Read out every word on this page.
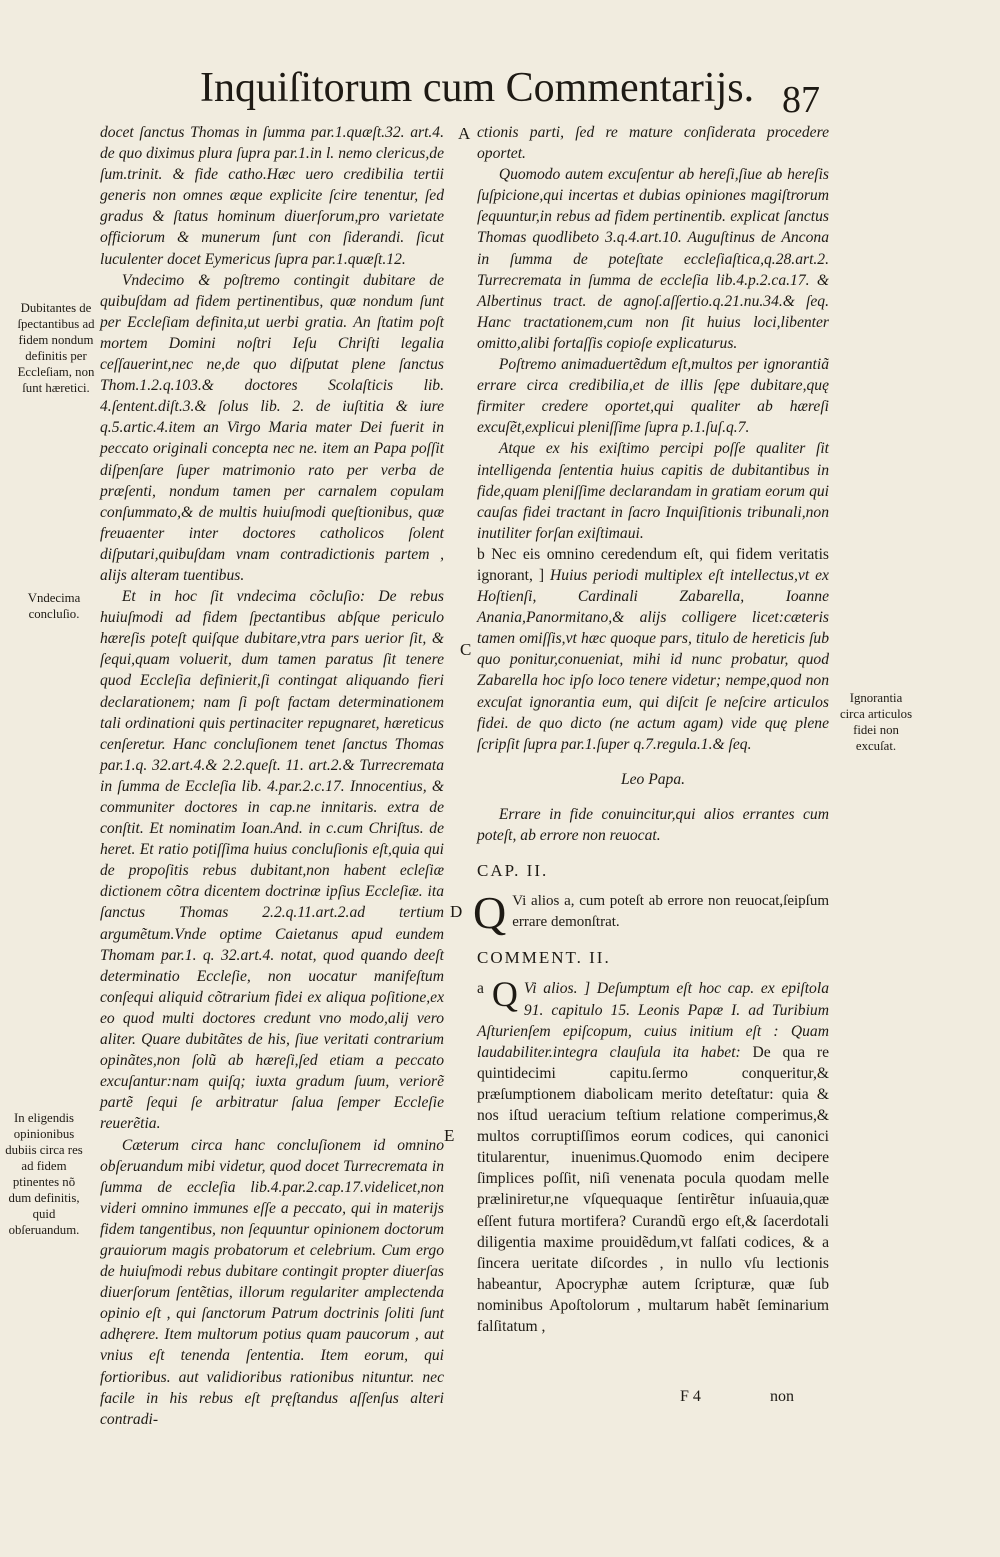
Inquiſitorum cum Commentarijs. 87
Dubitantes de ſpectantibus ad fidem nondum definitis per Eccleſiam, non ſunt hæretici.
Vndecima concluſio.
In eligendis opinionibus dubiis circa res ad fidem ptinentes nõ dum definitis, quid obſeruandum.
Ignorantia circa articulos fidei non excuſat.
A
C
D
E

docet ſanctus Thomas in ſumma par.1.quæſt.32. art.4. de quo diximus plura ſupra par.1.in l. nemo clericus,de ſum.trinit. & fide catho.Hæc uero credibilia tertii generis non omnes æque explicite ſcire tenentur, ſed gradus & ſtatus hominum diuerſorum,pro varietate officiorum & munerum ſunt con ſiderandi. ſicut luculenter docet Eymericus ſupra par.1.quæſt.12.

Vndecimo & poſtremo contingit dubitare de quibuſdam ad fidem pertinentibus, quæ nondum ſunt per Eccleſiam definita,ut uerbi gratia. An ſtatim poſt mortem Domini noſtri Ieſu Chriſti legalia ceſſauerint,nec ne,de quo diſputat plene ſanctus Thom.1.2.q.103.& doctores Scolaſticis lib. 4.ſentent.diſt.3.& ſolus lib. 2. de iuſtitia & iure q.5.artic.4.item an Virgo Maria mater Dei fuerit in peccato originali concepta nec ne. item an Papa poſſit diſpenſare ſuper matrimonio rato per verba de præſenti, nondum tamen per carnalem copulam conſummato,& de multis huiuſmodi queſtionibus, quæ freuaenter inter doctores catholicos ſolent diſputari,quibuſdam vnam contradictionis partem , alijs alteram tuentibus.

Et in hoc ſit vndecima cõcluſio: De rebus huiuſmodi ad fidem ſpectantibus abſque periculo hæreſis poteſt quiſque dubitare,vtra pars uerior ſit, & ſequi,quam voluerit, dum tamen paratus ſit tenere quod Eccleſia definierit,ſi contingat aliquando fieri declarationem; nam ſi poſt factam determinationem tali ordinationi quis pertinaciter repugnaret, hæreticus cenſeretur. Hanc concluſionem tenet ſanctus Thomas par.1.q. 32.art.4.& 2.2.queſt. 11. art.2.& Turrecremata in ſumma de Eccleſia lib. 4.par.2.c.17. Innocentius, & communiter doctores in cap.ne innitaris. extra de conſtit. Et nominatim Ioan.And. in c.cum Chriſtus. de heret. Et ratio potiſſima huius concluſionis eſt,quia qui de propoſitis rebus dubitant,non habent ecleſiæ dictionem cõtra dicentem doctrinæ ipſius Eccleſiæ. ita ſanctus Thomas 2.2.q.11.art.2.ad tertium argumẽtum.Vnde optime Caietanus apud eundem Thomam par.1. q. 32.art.4. notat, quod quando deeſt determinatio Eccleſie, non uocatur manifeſtum conſequi aliquid cõtrarium fidei ex aliqua poſitione,ex eo quod multi doctores credunt vno modo,alij vero aliter. Quare dubitãtes de his, ſiue veritati contrarium opinãtes,non ſolũ ab hæreſi,ſed etiam a peccato excuſantur:nam quiſq; iuxta gradum ſuum, veriorẽ partẽ ſequi ſe arbitratur ſalua ſemper Eccleſie reuerẽtia.

Cæterum circa hanc concluſionem id omnino obſeruandum mibi videtur, quod docet Turrecremata in ſumma de eccleſia lib.4.par.2.cap.17.videlicet,non videri omnino immunes eſſe a peccato, qui in materijs fidem tangentibus, non ſequuntur opinionem doctorum grauiorum magis probatorum et celebrium. Cum ergo de huiuſmodi rebus dubitare contingit propter diuerſas diuerſorum ſentẽtias, illorum regulariter amplectenda opinio eſt , qui ſanctorum Patrum doctrinis ſoliti ſunt adhęrere. Item multorum potius quam paucorum , aut vnius eſt tenenda ſententia. Item eorum, qui fortioribus. aut validioribus rationibus nituntur. nec facile in his rebus eſt pręſtandus aſſenſus alteri contradi-

ctionis parti, ſed re mature conſiderata procedere oportet.

Quomodo autem excuſentur ab hereſi,ſiue ab hereſis ſuſpicione,qui incertas et dubias opiniones magiſtrorum ſequuntur,in rebus ad fidem pertinentib. explicat ſanctus Thomas quodlibeto 3.q.4.art.10. Auguſtinus de Ancona in ſumma de poteſtate eccleſiaſtica,q.28.art.2. Turrecremata in ſumma de eccleſia lib.4.p.2.ca.17. & Albertinus tract. de agnoſ.aſſertio.q.21.nu.34.& ſeq. Hanc tractationem,cum non ſit huius loci,libenter omitto,alibi fortaſſis copioſe explicaturus.

Poſtremo animaduertẽdum eſt,multos per ignorantiã errare circa credibilia,et de illis ſępe dubitare,quę firmiter credere oportet,qui qualiter ab hæreſi excuſẽt,explicui pleniſſime ſupra p.1.ſuſ.q.7.

Atque ex his exiſtimo percipi poſſe qualiter ſit intelligenda ſententia huius capitis de dubitantibus in fide,quam pleniſſime declarandam in gratiam eorum qui cauſas fidei tractant in ſacro Inquiſitionis tribunali,non inutiliter forſan exiſtimaui.

b Nec eis omnino ceredendum eſt, qui fidem veritatis ignorant, ] Huius periodi multiplex eſt intellectus,vt ex Hoſtienſi, Cardinali Zabarella, Ioanne Anania,Panormitano,& alijs colligere licet:cæteris tamen omiſſis,vt hæc quoque pars, titulo de hereticis ſub quo ponitur,conueniat, mihi id nunc probatur, quod Zabarella hoc ipſo loco tenere videtur; nempe,quod non excuſat ignorantia eum, qui diſcit ſe neſcire articulos fidei. de quo dicto (ne actum agam) vide quę plene ſcripſit ſupra par.1.ſuper q.7.regula.1.& ſeq.

Leo Papa.

Errare in fide conuincitur,qui alios errantes cum poteſt, ab errore non reuocat.

CAP. II.

Q Vi alios a, cum poteſt ab errore non reuocat,ſeipſum errare demonſtrat.

COMMENT. II.

a Q Vi alios. ] Deſumptum eſt hoc cap. ex epiſtola 91. capitulo 15. Leonis Papæ I. ad Turibium Aſturienſem epiſcopum, cuius initium eſt : Quam laudabiliter.integra clauſula ita habet: De qua re quintidecimi capitu.ſermo conqueritur,& præſumptionem diabolicam merito deteſtatur: quia & nos iſtud ueracium teſtium relatione comperimus,& multos corruptiſſimos eorum codices, qui canonici titularentur, inuenimus.Quomodo enim decipere ſimplices poſſit, niſi venenata pocula quodam melle præliniretur,ne vſquequaque ſentirẽtur inſuauia,quæ eſſent futura mortifera? Curandũ ergo eſt,& ſacerdotali diligentia maxime prouidẽdum,vt falſati codices, & a ſincera ueritate diſcordes , in nullo vſu lectionis habeantur, Apocryphæ autem ſcripturæ, quæ ſub nominibus Apoſtolorum , multarum habẽt ſeminarium falſitatum ,

F 4	non
